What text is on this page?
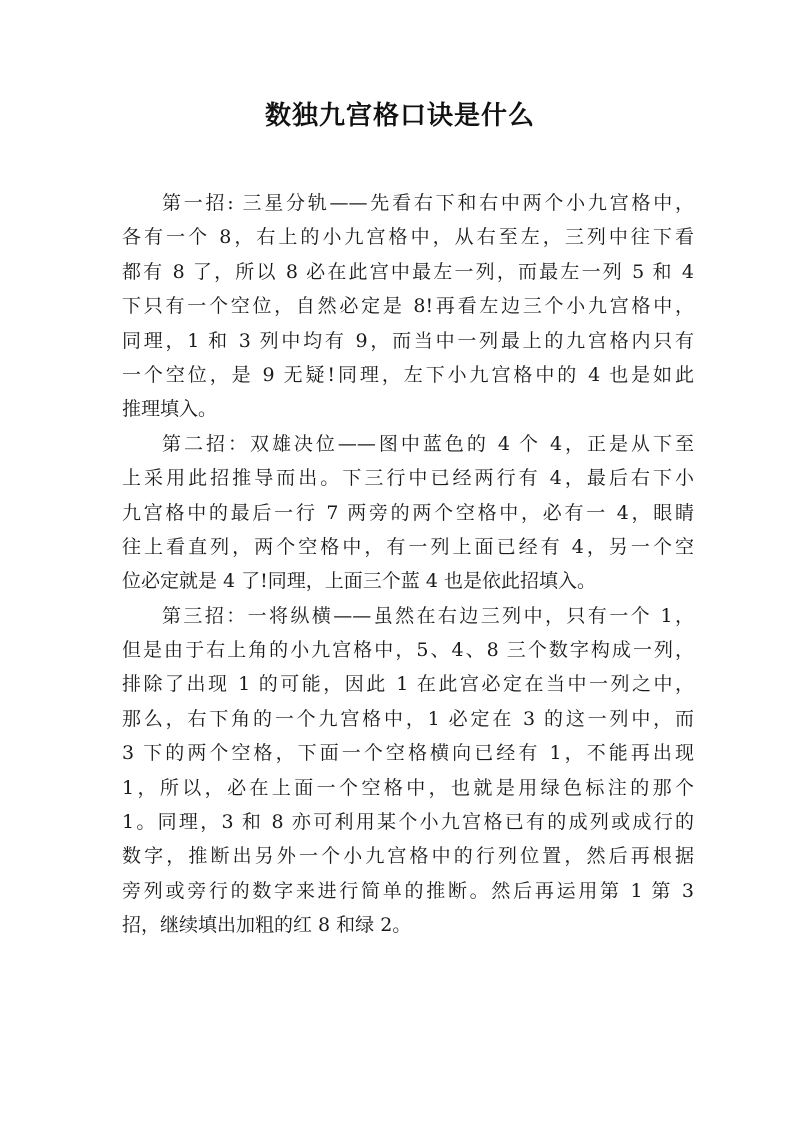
数独九宫格口诀是什么
第一招: 三星分轨——先看右下和右中两个小九宫格中，
各有一个 8，右上的小九宫格中，从右至左，三列中往下看
都有 8 了，所以 8 必在此宫中最左一列，而最左一列 5 和 4
下只有一个空位，自然必定是 8!再看左边三个小九宫格中，
同理，1 和 3 列中均有 9，而当中一列最上的九宫格内只有
一个空位，是 9 无疑!同理，左下小九宫格中的 4 也是如此
推理填入。
第二招：双雄决位——图中蓝色的 4 个 4，正是从下至
上采用此招推导而出。下三行中已经两行有 4，最后右下小
九宫格中的最后一行 7 两旁的两个空格中，必有一 4，眼睛
往上看直列，两个空格中，有一列上面已经有 4，另一个空
位必定就是 4 了!同理，上面三个蓝 4 也是依此招填入。
第三招：一将纵横——虽然在右边三列中，只有一个 1，
但是由于右上角的小九宫格中，5、4、8 三个数字构成一列，
排除了出现 1 的可能，因此 1 在此宫必定在当中一列之中，
那么，右下角的一个九宫格中，1 必定在 3 的这一列中，而
3 下的两个空格，下面一个空格横向已经有 1，不能再出现
1，所以，必在上面一个空格中，也就是用绿色标注的那个
1。同理，3 和 8 亦可利用某个小九宫格已有的成列或成行的
数字，推断出另外一个小九宫格中的行列位置，然后再根据
旁列或旁行的数字来进行简单的推断。然后再运用第 1 第 3
招，继续填出加粗的红 8 和绿 2。
